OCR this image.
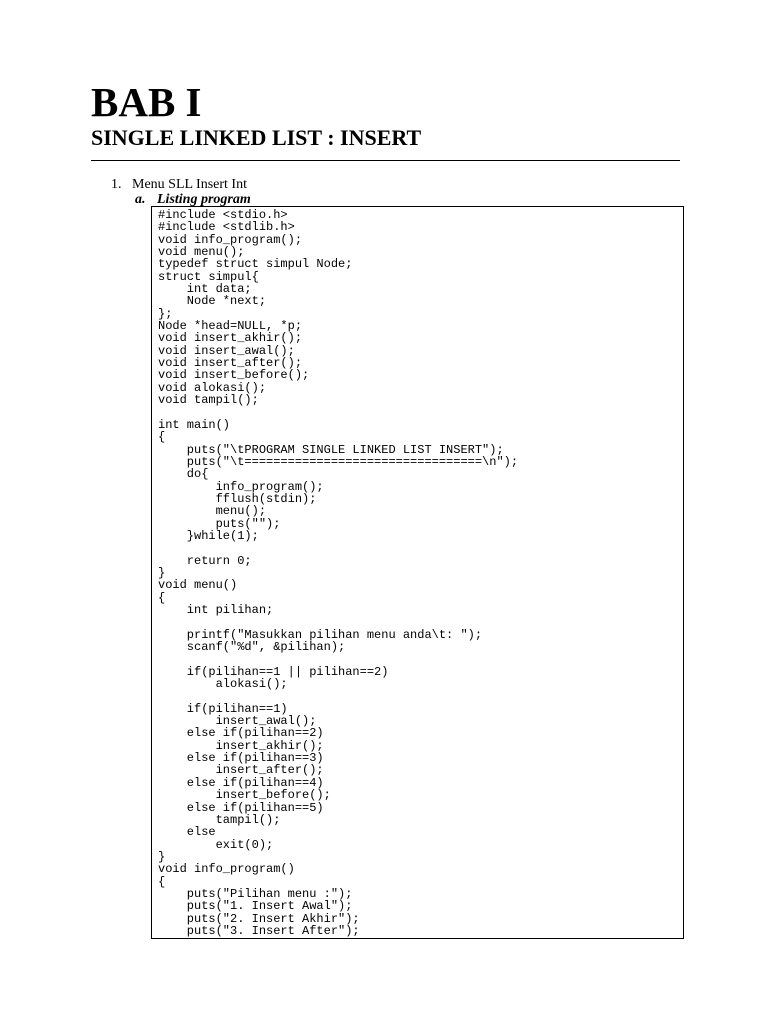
BAB I
SINGLE LINKED LIST : INSERT
1. Menu SLL Insert Int
a. Listing program
#include <stdio.h>
#include <stdlib.h>
void info_program();
void menu();
typedef struct simpul Node;
struct simpul{
int data;
Node *next;
};
Node *head=NULL, *p;
void insert_akhir();
void insert_awal();
void insert_after();
void insert_before();
void alokasi();
void tampil();

int main()
{
puts("\tPROGRAM SINGLE LINKED LIST INSERT");
puts("\t=================================\n");
do{
info_program();
fflush(stdin);
menu();
puts("");
}while(1);

return 0;
}
void menu()
{
int pilihan;

printf("Masukkan pilihan menu anda\t: ");
scanf("%d", &pilihan);

if(pilihan==1 || pilihan==2)
alokasi();

if(pilihan==1)
insert_awal();
else if(pilihan==2)
insert_akhir();
else if(pilihan==3)
insert_after();
else if(pilihan==4)
insert_before();
else if(pilihan==5)
tampil();
else
exit(0);
}
void info_program()
{
puts("Pilihan menu :");
puts("1. Insert Awal");
puts("2. Insert Akhir");
puts("3. Insert After");
